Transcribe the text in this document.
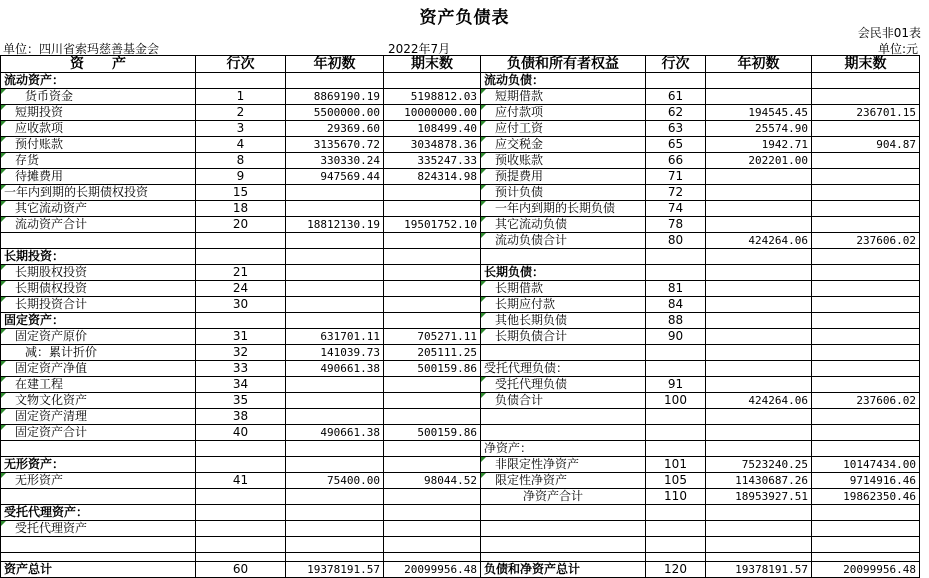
资产负债表
会民非01表
单位：四川省索玛慈善基金会	2022年7月	单位:元
资　　产	行次	年初数	期末数	负债和所有者权益	行次	年初数	期末数
流动资产：				流动负债：			
货币资金	1	8869190.19	5198812.03	短期借款	61		
短期投资	2	5500000.00	10000000.00	应付款项	62	194545.45	236701.15
应收款项	3	29369.60	108499.40	应付工资	63	25574.90	
预付账款	4	3135670.72	3034878.36	应交税金	65	1942.71	904.87
存货	8	330330.24	335247.33	预收账款	66	202201.00	
待摊费用	9	947569.44	824314.98	预提费用	71		
一年内到期的长期债权投资	15			预计负债	72		
其它流动资产	18			一年内到期的长期负债	74		
流动资产合计	20	18812130.19	19501752.10	其它流动负债	78		
				流动负债合计	80	424264.06	237606.02
长期投资：							
长期股权投资	21			长期负债：			
长期债权投资	24			长期借款	81		
长期投资合计	30			长期应付款	84		
固定资产：				其他长期负债	88		
固定资产原价	31	631701.11	705271.11	长期负债合计	90		
减：累计折价	32	141039.73	205111.25				
固定资产净值	33	490661.38	500159.86	受托代理负债：			
在建工程	34			受托代理负债	91		
文物文化资产	35			负债合计	100	424264.06	237606.02
固定资产清理	38						
固定资产合计	40	490661.38	500159.86				
				净资产：			
无形资产：				非限定性净资产	101	7523240.25	10147434.00
无形资产	41	75400.00	98044.52	限定性净资产	105	11430687.26	9714916.46
				净资产合计	110	18953927.51	19862350.46
受托代理资产：							
受托代理资产							

资产总计	60	19378191.57	20099956.48	负债和净资产总计	120	19378191.57	20099956.48
